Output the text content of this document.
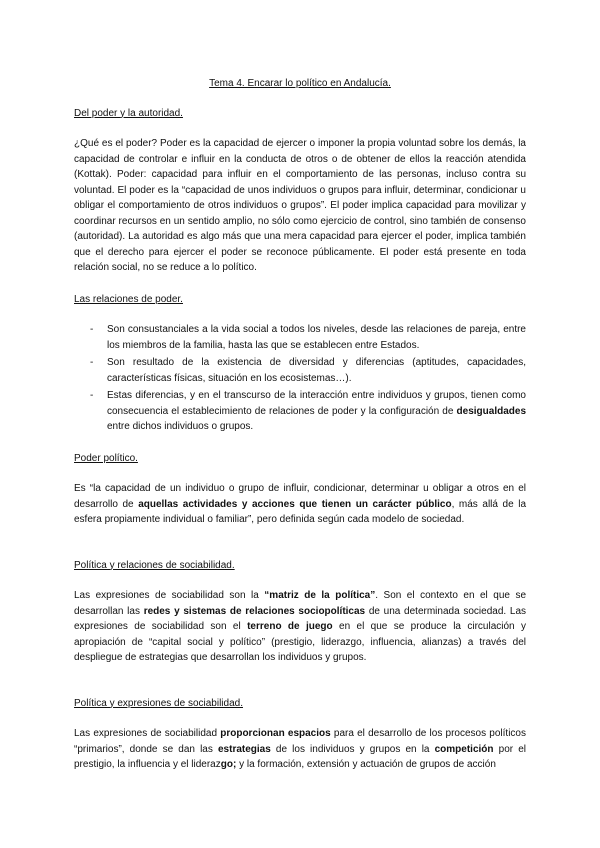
Tema 4. Encarar lo político en Andalucía.
Del poder y la autoridad.

¿Qué es el poder? Poder es la capacidad de ejercer o imponer la propia voluntad sobre los demás, la capacidad de controlar e influir en la conducta de otros o de obtener de ellos la reacción atendida (Kottak). Poder: capacidad para influir en el comportamiento de las personas, incluso contra su voluntad. El poder es la “capacidad de unos individuos o grupos para influir, determinar, condicionar u obligar el comportamiento de otros individuos o grupos”. El poder implica capacidad para movilizar y coordinar recursos en un sentido amplio, no sólo como ejercicio de control, sino también de consenso (autoridad). La autoridad es algo más que una mera capacidad para ejercer el poder, implica también que el derecho para ejercer el poder se reconoce públicamente. El poder está presente en toda relación social, no se reduce a lo político.

Las relaciones de poder.
- Son consustanciales a la vida social a todos los niveles, desde las relaciones de pareja, entre los miembros de la familia, hasta las que se establecen entre Estados.
- Son resultado de la existencia de diversidad y diferencias (aptitudes, capacidades, características físicas, situación en los ecosistemas…).
- Estas diferencias, y en el transcurso de la interacción entre individuos y grupos, tienen como consecuencia el establecimiento de relaciones de poder y la configuración de desigualdades entre dichos individuos o grupos.
Poder político.

Es “la capacidad de un individuo o grupo de influir, condicionar, determinar u obligar a otros en el desarrollo de aquellas actividades y acciones que tienen un carácter público, más allá de la esfera propiamente individual o familiar”, pero definida según cada modelo de sociedad.

Política y relaciones de sociabilidad.

Las expresiones de sociabilidad son la “matriz de la política”. Son el contexto en el que se desarrollan las redes y sistemas de relaciones sociopolíticas de una determinada sociedad. Las expresiones de sociabilidad son el terreno de juego en el que se produce la circulación y apropiación de “capital social y político” (prestigio, liderazgo, influencia, alianzas) a través del despliegue de estrategias que desarrollan los individuos y grupos.

Política y expresiones de sociabilidad.

Las expresiones de sociabilidad proporcionan espacios para el desarrollo de los procesos políticos “primarios”, donde se dan las estrategias de los individuos y grupos en la competición por el prestigio, la influencia y el liderazgo; y la formación, extensión y actuación de grupos de acción
